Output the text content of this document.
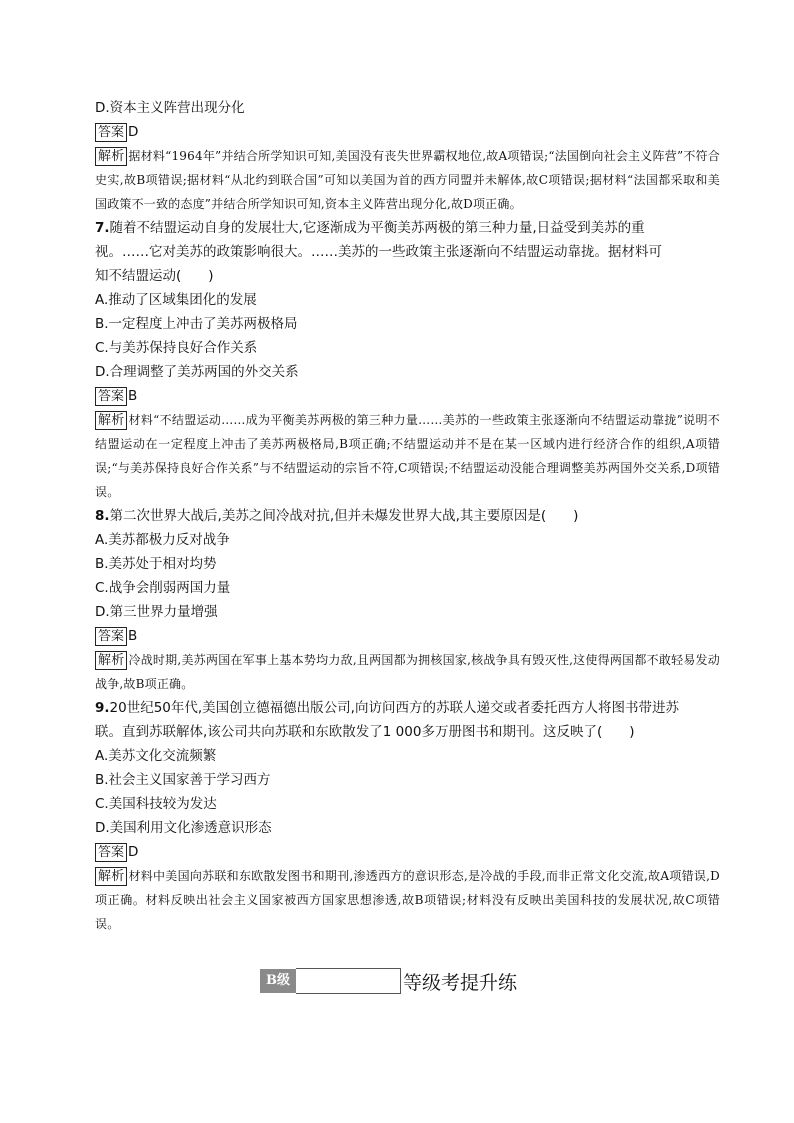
D.资本主义阵营出现分化
答案 D
解析 据材料“1964年”并结合所学知识可知,美国没有丧失世界霸权地位,故A项错误;“法国倒向社会主义阵营”不符合史实,故B项错误;据材料“从北约到联合国”可知以美国为首的西方同盟并未解体,故C项错误;据材料“法国都采取和美国政策不一致的态度”并结合所学知识可知,资本主义阵营出现分化,故D项正确。
7.随着不结盟运动自身的发展壮大,它逐渐成为平衡美苏两极的第三种力量,日益受到美苏的重
视。……它对美苏的政策影响很大。……美苏的一些政策主张逐渐向不结盟运动靠拢。据材料可
知不结盟运动(　　)
A.推动了区域集团化的发展
B.一定程度上冲击了美苏两极格局
C.与美苏保持良好合作关系
D.合理调整了美苏两国的外交关系
答案 B
解析 材料“不结盟运动……成为平衡美苏两极的第三种力量……美苏的一些政策主张逐渐向不结盟运动靠拢”说明不结盟运动在一定程度上冲击了美苏两极格局,B项正确;不结盟运动并不是在某一区域内进行经济合作的组织,A项错误;“与美苏保持良好合作关系”与不结盟运动的宗旨不符,C项错误;不结盟运动没能合理调整美苏两国外交关系,D项错误。
8.第二次世界大战后,美苏之间冷战对抗,但并未爆发世界大战,其主要原因是(　　)
A.美苏都极力反对战争
B.美苏处于相对均势
C.战争会削弱两国力量
D.第三世界力量增强
答案 B
解析 冷战时期,美苏两国在军事上基本势均力敌,且两国都为拥核国家,核战争具有毁灭性,这使得两国都不敢轻易发动战争,故B项正确。
9.20世纪50年代,美国创立德福德出版公司,向访问西方的苏联人递交或者委托西方人将图书带进苏
联。直到苏联解体,该公司共向苏联和东欧散发了1 000多万册图书和期刊。这反映了(　　)
A.美苏文化交流频繁
B.社会主义国家善于学习西方
C.美国科技较为发达
D.美国利用文化渗透意识形态
答案 D
解析 材料中美国向苏联和东欧散发图书和期刊,渗透西方的意识形态,是冷战的手段,而非正常文化交流,故A项错误,D项正确。材料反映出社会主义国家被西方国家思想渗透,故B项错误;材料没有反映出美国科技的发展状况,故C项错误。
B级	等级考提升练
